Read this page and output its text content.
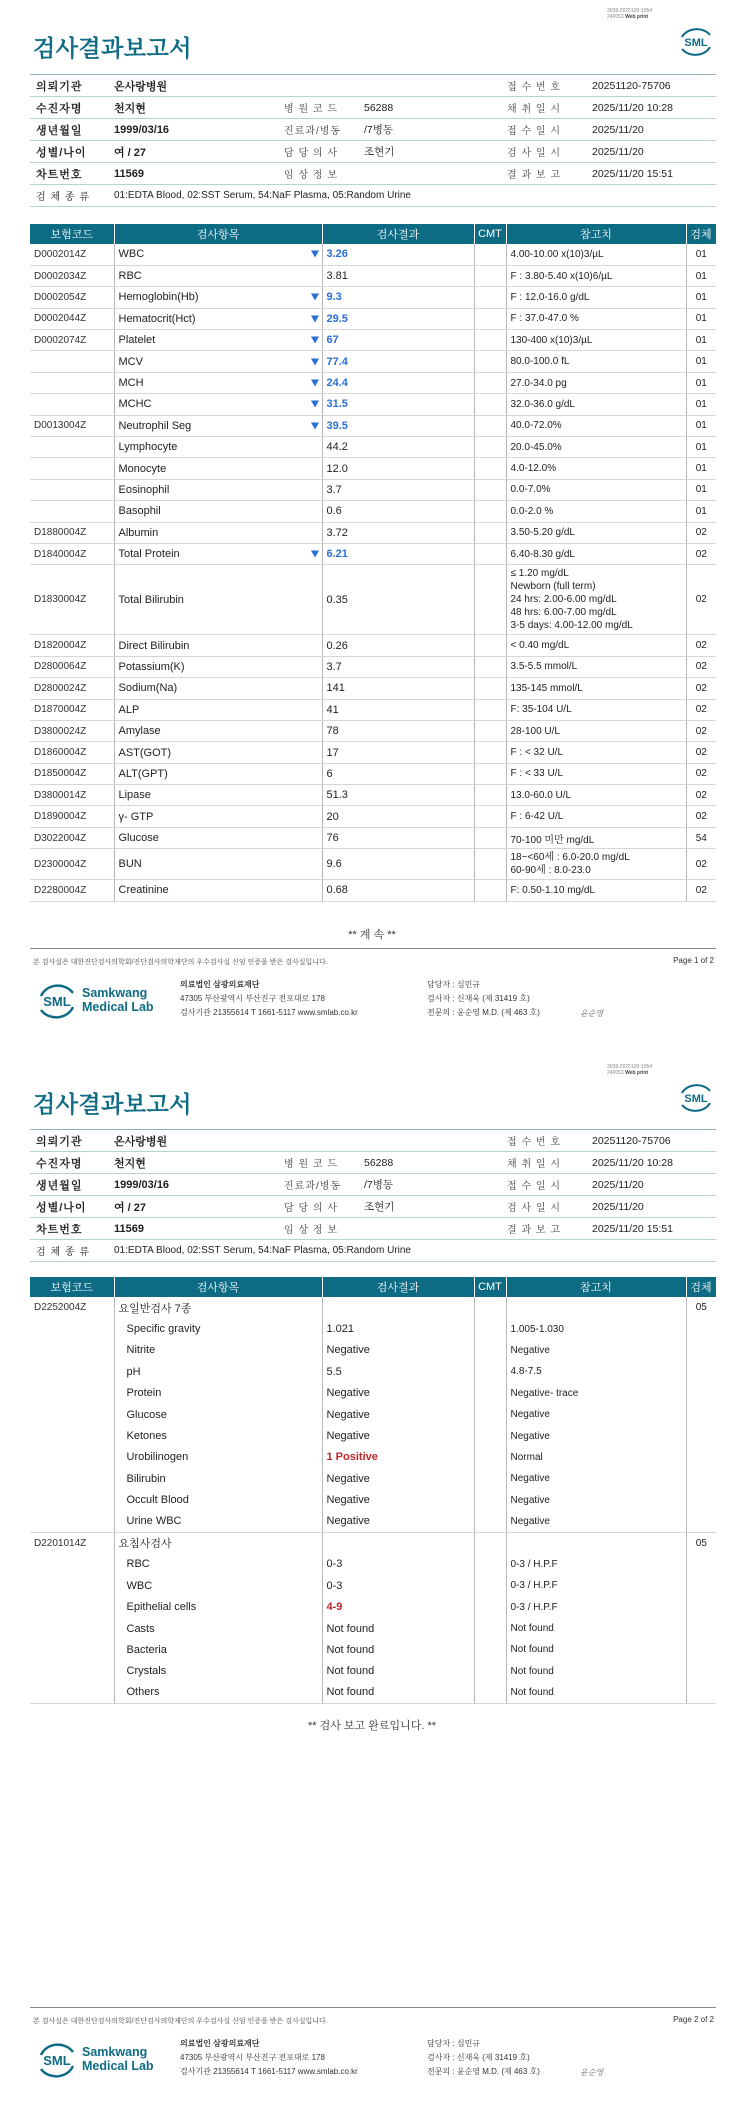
3038-2025100-1054
240053 Web print
SML
검사결과보고서
의뢰기관	온사랑병원			접 수 번 호	20251120-75706
수진자명	천지현	병 원 코 드	56288	채 취 일 시	2025/11/20 10:28
생년월일	1999/03/16	진료과/병동	/7병동	접 수 일 시	2025/11/20
성별/나이	여 / 27	담 당 의 사	조현기	검 사 일 시	2025/11/20
차트번호	11569	임 상 정 보		결 과 보 고	2025/11/20 15:51
검 체 종 류	01:EDTA Blood, 02:SST Serum, 54:NaF Plasma, 05:Random Urine				
보험코드	검사항목	검사결과	CMT	참고치	검체
D0002014Z	WBC	3.26		4.00-10.00 x(10)3/µL	01
D0002034Z	RBC	3.81		F : 3.80-5.40 x(10)6/µL	01
D0002054Z	Hemoglobin(Hb)	9.3		F : 12.0-16.0 g/dL	01
D0002044Z	Hematocrit(Hct)	29.5		F : 37.0-47.0 %	01
D0002074Z	Platelet	67		130-400 x(10)3/µL	01
	MCV	77.4		80.0-100.0 fL	01
	MCH	24.4		27.0-34.0 pg	01
	MCHC	31.5		32.0-36.0 g/dL	01
D0013004Z	Neutrophil Seg	39.5		40.0-72.0%	01
	Lymphocyte	44.2		20.0-45.0%	01
	Monocyte	12.0		4.0-12.0%	01
	Eosinophil	3.7		0.0-7.0%	01
	Basophil	0.6		0.0-2.0 %	01
D1880004Z	Albumin	3.72		3.50-5.20 g/dL	02
D1840004Z	Total Protein	6.21		6.40-8.30 g/dL	02
D1830004Z	Total Bilirubin	0.35		≤ 1.20 mg/dL
Newborn (full term)
24 hrs: 2.00-6.00 mg/dL
48 hrs: 6.00-7.00 mg/dL
3-5 days: 4.00-12.00 mg/dL	02
D1820004Z	Direct Bilirubin	0.26		< 0.40 mg/dL	02
D2800064Z	Potassium(K)	3.7		3.5-5.5 mmol/L	02
D2800024Z	Sodium(Na)	141		135-145 mmol/L	02
D1870004Z	ALP	41		F: 35-104 U/L	02
D3800024Z	Amylase	78		28-100 U/L	02
D1860004Z	AST(GOT)	17		F : < 32 U/L	02
D1850004Z	ALT(GPT)	6		F : < 33 U/L	02
D3800014Z	Lipase	51.3		13.0-60.0 U/L	02
D1890004Z	γ- GTP	20		F : 6-42 U/L	02
D3022004Z	Glucose	76		70-100 미만 mg/dL	54
D2300004Z	BUN	9.6		18~<60세 : 6.0-20.0 mg/dL
60-90세 : 8.0-23.0	02
D2280004Z	Creatinine	0.68		F: 0.50-1.10 mg/dL	02
** 계 속 **
본 검사실은 대한진단검사의학회/진단검사의학재단의 우수검사실 신임 인증을 받은 검사실입니다.	Page 1 of 2
SML
Samkwang
Medical Lab
의료법인 삼광의료재단
47305 부산광역시 부산진구 전포대로 178
검사기관 21355614 T 1661-5117 www.smlab.co.kr
담당자 : 심민규
검사자 : 신재욱 (제 31419 호)
전문의 : 윤순영 M.D. (제 463 호)	윤순영
3038-2025100-1054
240053 Web print
SML
검사결과보고서
의뢰기관	온사랑병원			접 수 번 호	20251120-75706
수진자명	천지현	병 원 코 드	56288	채 취 일 시	2025/11/20 10:28
생년월일	1999/03/16	진료과/병동	/7병동	접 수 일 시	2025/11/20
성별/나이	여 / 27	담 당 의 사	조현기	검 사 일 시	2025/11/20
차트번호	11569	임 상 정 보		결 과 보 고	2025/11/20 15:51
검 체 종 류	01:EDTA Blood, 02:SST Serum, 54:NaF Plasma, 05:Random Urine				
보험코드	검사항목	검사결과	CMT	참고치	검체
D2252004Z	요일반검사 7종				05
	Specific gravity	1.021		1.005-1.030	
	Nitrite	Negative		Negative	
	pH	5.5		4.8-7.5	
	Protein	Negative		Negative- trace	
	Glucose	Negative		Negative	
	Ketones	Negative		Negative	
	Urobilinogen	1 Positive		Normal	
	Bilirubin	Negative		Negative	
	Occult Blood	Negative		Negative	
	Urine WBC	Negative		Negative	
D2201014Z	요침사검사				05
	RBC	0-3		0-3 / H.P.F	
	WBC	0-3		0-3 / H.P.F	
	Epithelial cells	4-9		0-3 / H.P.F	
	Casts	Not found		Not found	
	Bacteria	Not found		Not found	
	Crystals	Not found		Not found	
	Others	Not found		Not found	
** 검사 보고 완료입니다. **
본 검사실은 대한진단검사의학회/진단검사의학재단의 우수검사실 신임 인증을 받은 검사실입니다.	Page 2 of 2
SML
Samkwang
Medical Lab
의료법인 삼광의료재단
47305 부산광역시 부산진구 전포대로 178
검사기관 21355614 T 1661-5117 www.smlab.co.kr
담당자 : 심민규
검사자 : 신재욱 (제 31419 호)
전문의 : 윤순영 M.D. (제 463 호)	윤순영
